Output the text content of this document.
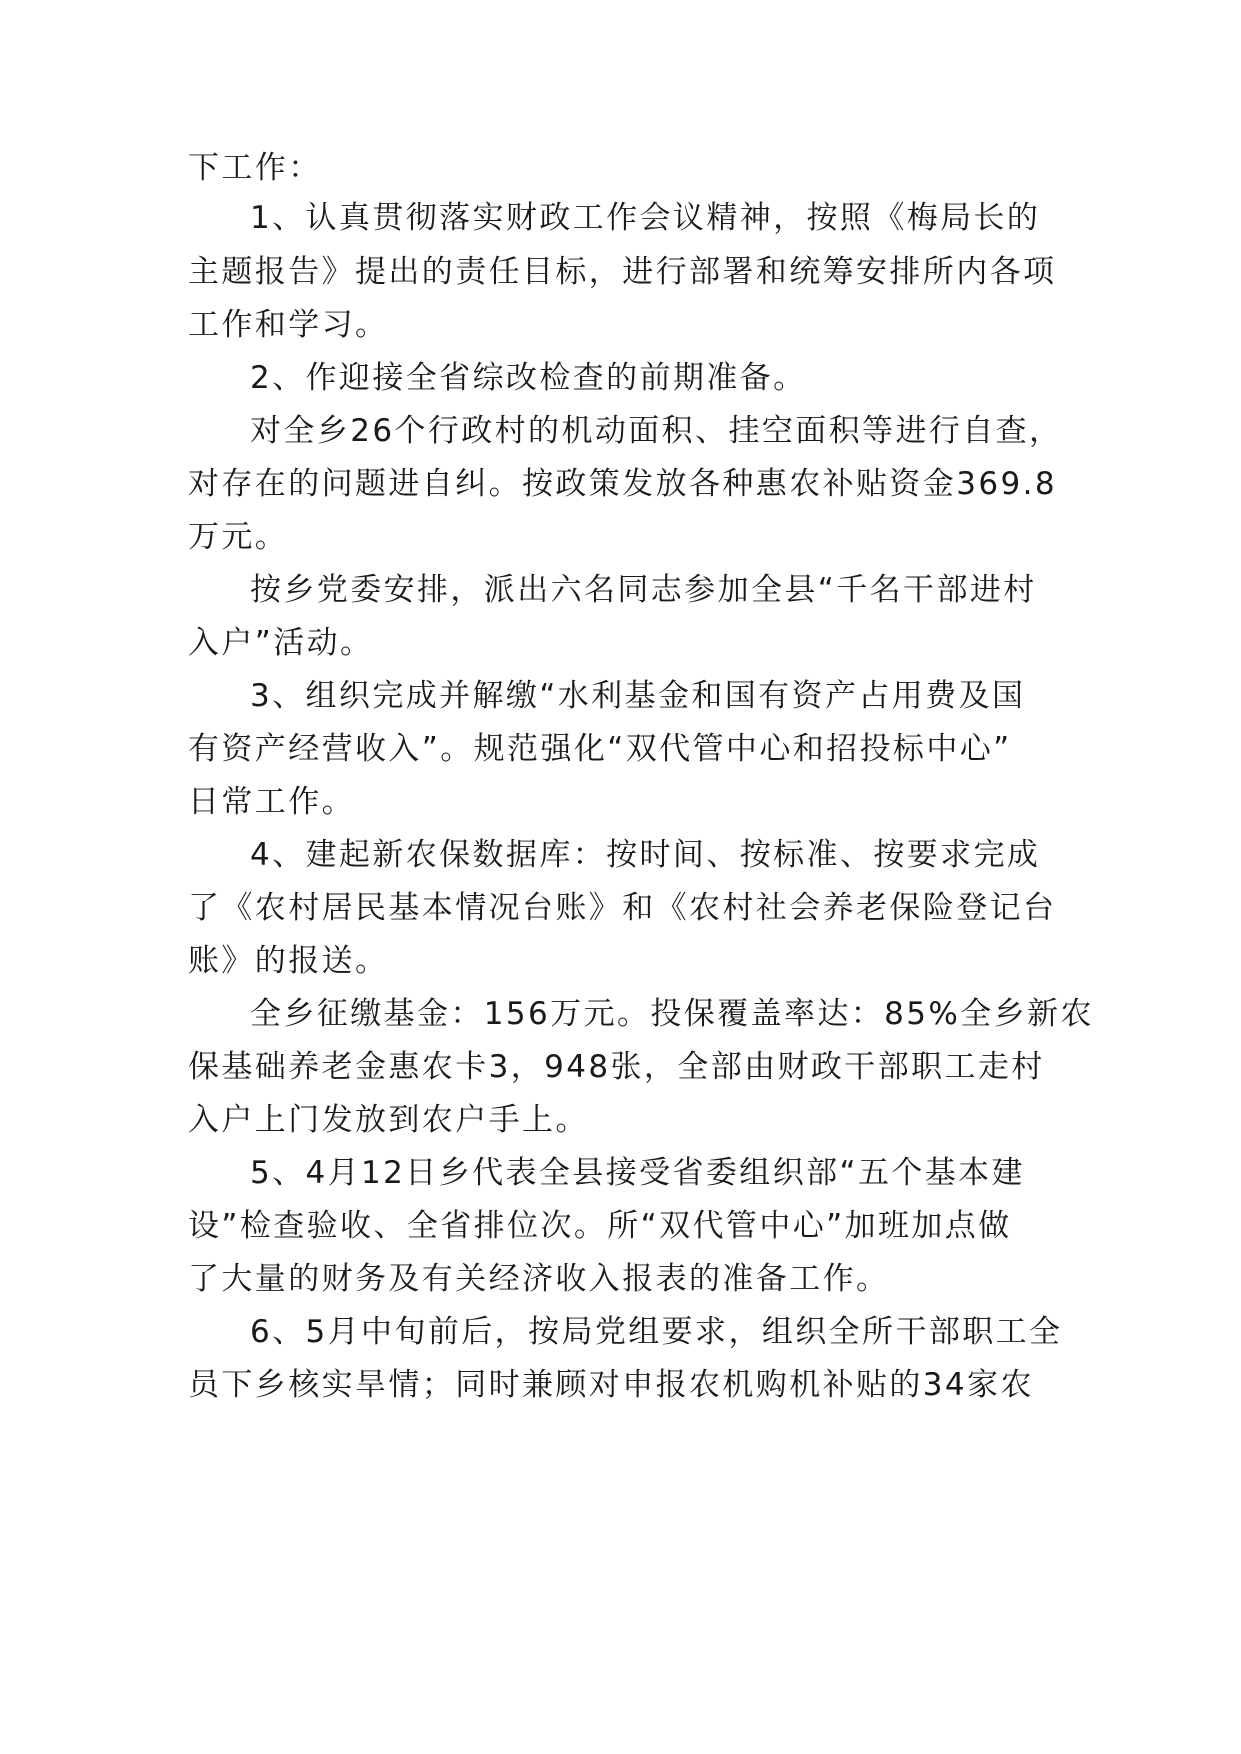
下工作：
1、认真贯彻落实财政工作会议精神，按照《梅局长的
主题报告》提出的责任目标，进行部署和统筹安排所内各项
工作和学习。
2、作迎接全省综改检查的前期准备。
对全乡26个行政村的机动面积、挂空面积等进行自查，
对存在的问题进自纠。按政策发放各种惠农补贴资金369.8
万元。
按乡党委安排，派出六名同志参加全县“千名干部进村
入户”活动。
3、组织完成并解缴“水利基金和国有资产占用费及国
有资产经营收入”。规范强化“双代管中心和招投标中心”
日常工作。
4、建起新农保数据库：按时间、按标准、按要求完成
了《农村居民基本情况台账》和《农村社会养老保险登记台
账》的报送。
全乡征缴基金：156万元。投保覆盖率达：85%全乡新农
保基础养老金惠农卡3，948张，全部由财政干部职工走村
入户上门发放到农户手上。
5、4月12日乡代表全县接受省委组织部“五个基本建
设”检查验收、全省排位次。所“双代管中心”加班加点做
了大量的财务及有关经济收入报表的准备工作。
6、5月中旬前后，按局党组要求，组织全所干部职工全
员下乡核实旱情；同时兼顾对申报农机购机补贴的34家农
